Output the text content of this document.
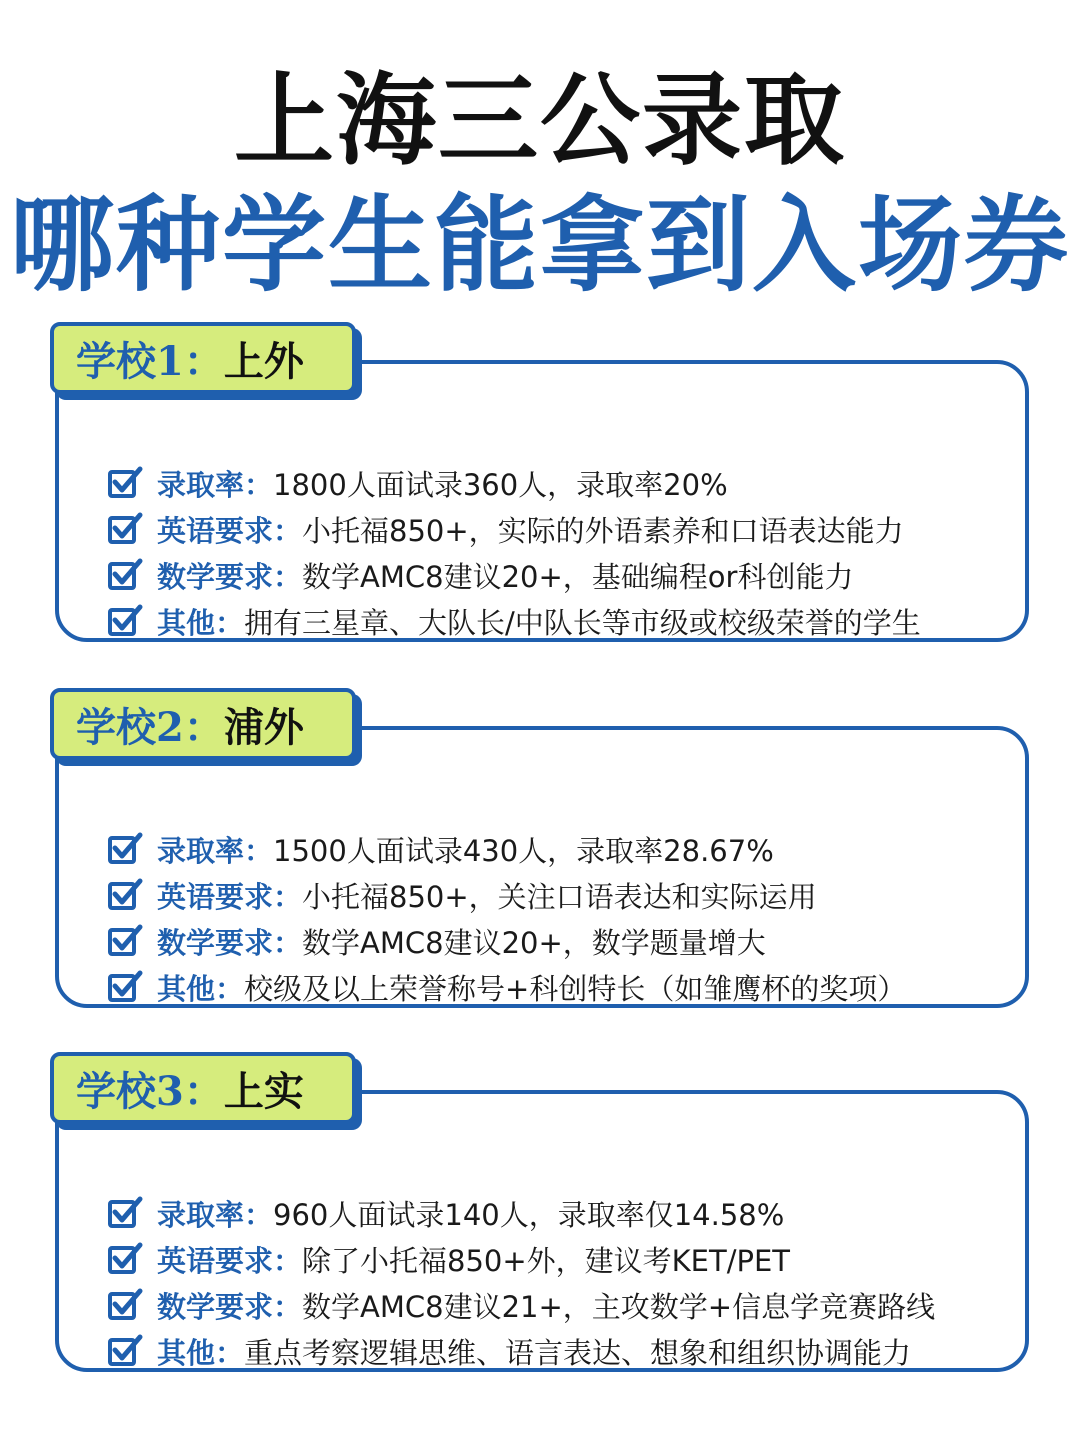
上海三公录取
哪种学生能拿到入场券
录取率： 1800人面试录360人，录取率20%
英语要求： 小托福850+，实际的外语素养和口语表达能力
数学要求： 数学AMC8建议20+，基础编程or科创能力
其他： 拥有三星章、大队长/中队长等市级或校级荣誉的学生
学校1： 上外
录取率： 1500人面试录430人，录取率28.67%
英语要求： 小托福850+，关注口语表达和实际运用
数学要求： 数学AMC8建议20+，数学题量增大
其他： 校级及以上荣誉称号+科创特长（如雏鹰杯的奖项）
学校2： 浦外
录取率： 960人面试录140人，录取率仅14.58%
英语要求： 除了小托福850+外，建议考KET/PET
数学要求： 数学AMC8建议21+，主攻数学+信息学竞赛路线
其他： 重点考察逻辑思维、语言表达、想象和组织协调能力
学校3： 上实
